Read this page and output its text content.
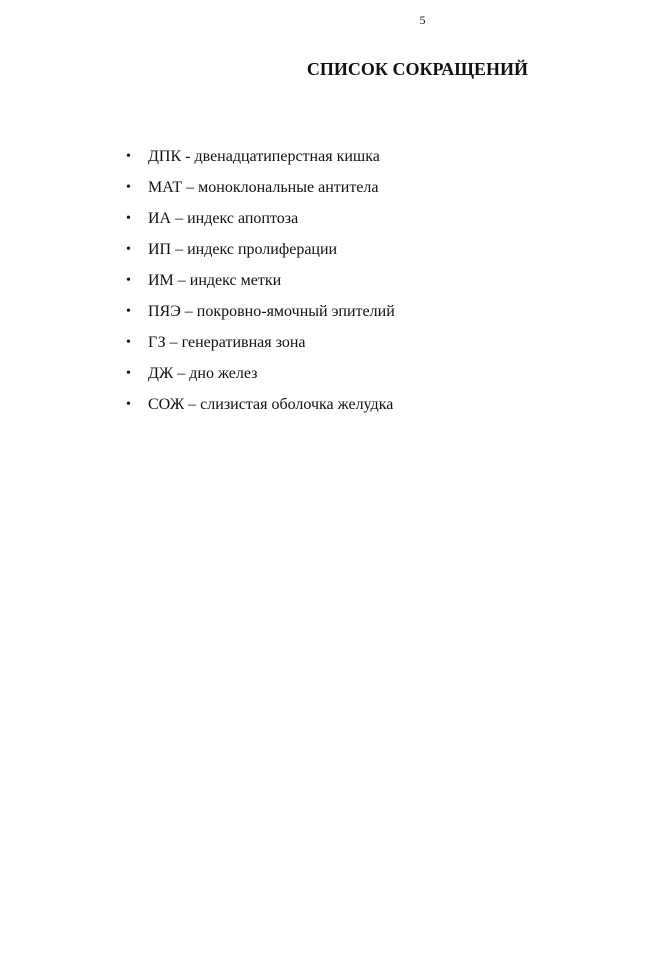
5
СПИСОК СОКРАЩЕНИЙ
• ДПК - двенадцатиперстная кишка
• МАТ – моноклональные антитела
• ИА – индекс апоптоза
• ИП – индекс пролиферации
• ИМ – индекс метки
• ПЯЭ – покровно-ямочный эпителий
• ГЗ – генеративная зона
• ДЖ – дно желез
• СОЖ – слизистая оболочка желудка
